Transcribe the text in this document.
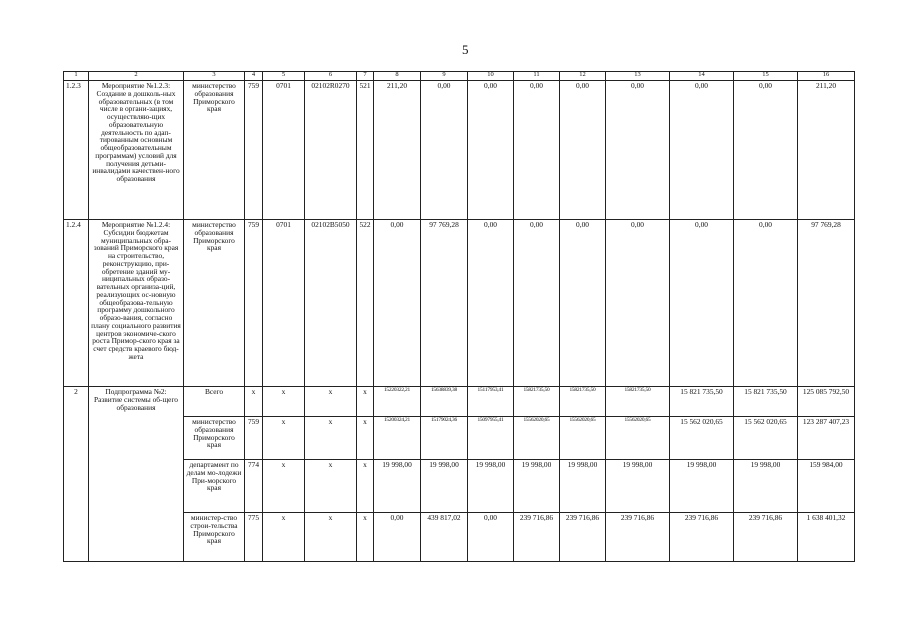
5
1	2	3	4	5	6	7	8	9	10	11	12	13	14	15	16
1.2.3	Мероприятие №1.2.3: Создание в дошколь-ных образовательных (в том числе в органи-зациях, осуществляю-щих образовательную деятельность по адап-тированным основным общеобразовательным программам) условий для получения детьми-инвалидами качествен-ного образования	министерство образования Приморского края	759	0701	02102R0270	521	211,20	0,00	0,00	0,00	0,00	0,00	0,00	0,00	211,20
1.2.4	Мероприятие №1.2.4: Субсидии бюджетам муниципальных обра-зований Приморского края на строительство, реконструкцию, при-обретение зданий му-ниципальных образо-вательных организа-ций, реализующих ос-новную общеобразова-тельную программу дошкольного образо-вания, согласно плану социального развития центров экономиче-ского роста Примор-ского края за счет средств краевого бюд-жета	министерство образования Приморского края	759	0701	02102B5050	522	0,00	97 769,28	0,00	0,00	0,00	0,00	0,00	0,00	97 769,28
2	Подпрограмма №2: Развитие системы об-щего образования	Всего	x	x	x	x	15220322,21	15638839,38	15117953,41	15821735,50	15821735,50	15821735,50	15 821 735,50	15 821 735,50	125 085 792,50
		министерство образования Приморского края	759	x	x	x	15200324,21	15179024,36	15097955,41	15562020,65	15562020,65	15562020,65	15 562 020,65	15 562 020,65	123 287 407,23
		департамент по делам мо-лодежи При-морского края	774	x	x	x	19 998,00	19 998,00	19 998,00	19 998,00	19 998,00	19 998,00	19 998,00	19 998,00	159 984,00
		министер-ство строи-тельства Приморского края	775	x	x	x	0,00	439 817,02	0,00	239 716,86	239 716,86	239 716,86	239 716,86	239 716,86	1 638 401,32
